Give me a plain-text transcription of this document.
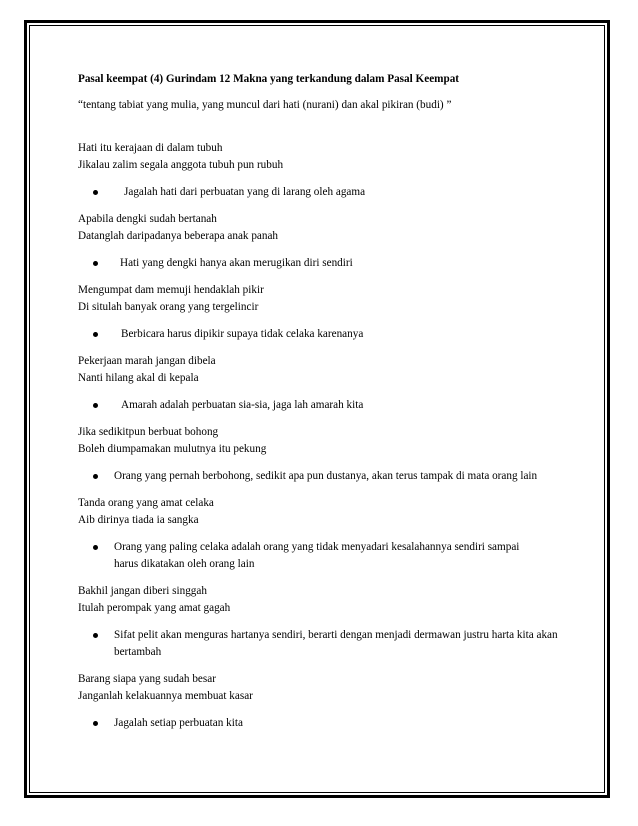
Pasal keempat (4) Gurindam 12 Makna yang terkandung dalam Pasal Keempat

“tentang tabiat yang mulia, yang muncul dari hati (nurani) dan akal pikiran (budi) ”

Hati itu kerajaan di dalam tubuh
Jikalau zalim segala anggota tubuh pun rubuh
Jagalah hati dari perbuatan yang di larang oleh agama
Apabila dengki sudah bertanah
Datanglah daripadanya beberapa anak panah
Hati yang dengki hanya akan merugikan diri sendiri
Mengumpat dam memuji hendaklah pikir
Di situlah banyak orang yang tergelincir
Berbicara harus dipikir supaya tidak celaka karenanya
Pekerjaan marah jangan dibela
Nanti hilang akal di kepala
Amarah adalah perbuatan sia-sia, jaga lah amarah kita
Jika sedikitpun berbuat bohong
Boleh diumpamakan mulutnya itu pekung
Orang yang pernah berbohong, sedikit apa pun dustanya, akan terus tampak di mata orang lain
Tanda orang yang amat celaka
Aib dirinya tiada ia sangka
Orang yang paling celaka adalah orang yang tidak menyadari kesalahannya sendiri sampai harus dikatakan oleh orang lain
Bakhil jangan diberi singgah
Itulah perompak yang amat gagah
Sifat pelit akan menguras hartanya sendiri, berarti dengan menjadi dermawan justru harta kita akan bertambah
Barang siapa yang sudah besar
Janganlah kelakuannya membuat kasar
Jagalah setiap perbuatan kita
